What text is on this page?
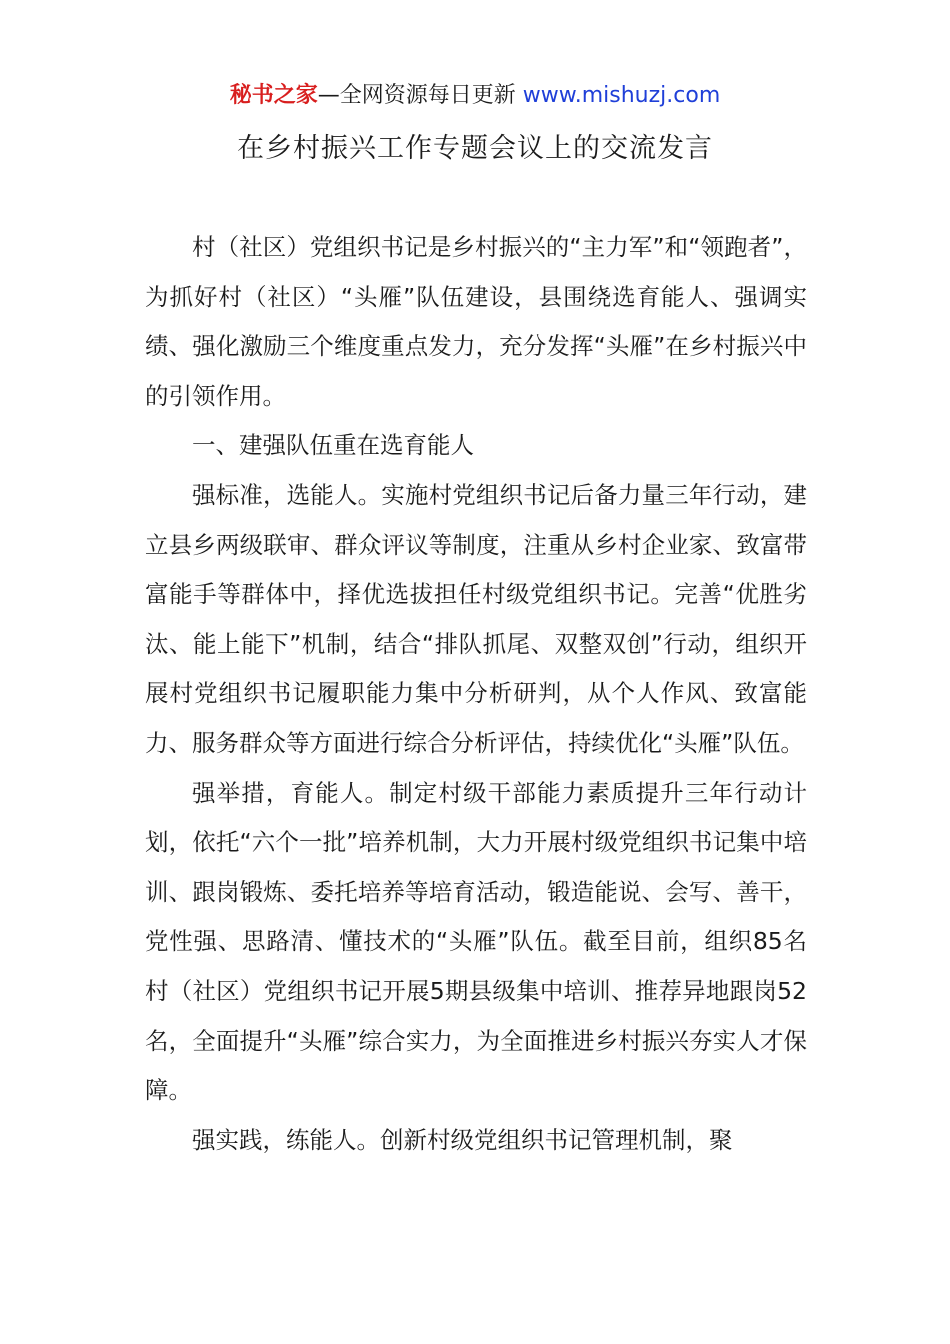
秘书之家—全网资源每日更新 www.mishuzj.com
在乡村振兴工作专题会议上的交流发言

村（社区）党组织书记是乡村振兴的“主力军”和“领跑者”，为抓好村（社区）“头雁”队伍建设，县围绕选育能人、强调实绩、强化激励三个维度重点发力，充分发挥“头雁”在乡村振兴中的引领作用。

一、建强队伍重在选育能人

强标准，选能人。实施村党组织书记后备力量三年行动，建立县乡两级联审、群众评议等制度，注重从乡村企业家、致富带富能手等群体中，择优选拔担任村级党组织书记。完善“优胜劣汰、能上能下”机制，结合“排队抓尾、双整双创”行动，组织开展村党组织书记履职能力集中分析研判，从个人作风、致富能力、服务群众等方面进行综合分析评估，持续优化“头雁”队伍。

强举措，育能人。制定村级干部能力素质提升三年行动计划，依托“六个一批”培养机制，大力开展村级党组织书记集中培训、跟岗锻炼、委托培养等培育活动，锻造能说、会写、善干，党性强、思路清、懂技术的“头雁”队伍。截至目前，组织85名村（社区）党组织书记开展5期县级集中培训、推荐异地跟岗52名，全面提升“头雁”综合实力，为全面推进乡村振兴夯实人才保障。

强实践，练能人。创新村级党组织书记管理机制，聚
